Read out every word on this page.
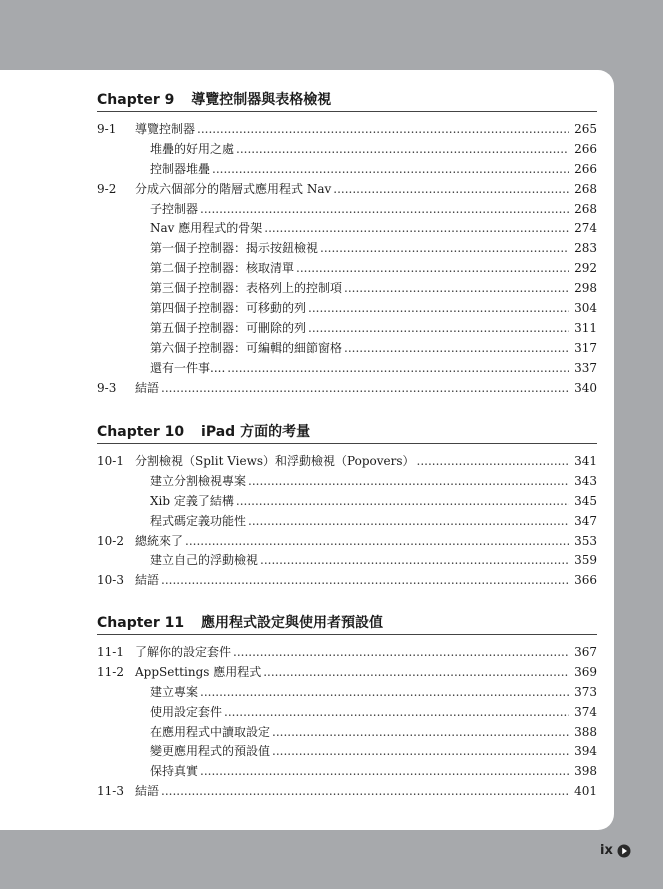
Chapter 9 導覽控制器與表格檢視
9-1	導覽控制器 .....	265
堆疊的好用之處 .....	266
控制器堆疊 .....	266
9-2	分成六個部分的階層式應用程式 Nav .....	268
子控制器 .....	268
Nav 應用程式的骨架 .....	274
第一個子控制器：揭示按鈕檢視 .....	283
第二個子控制器：核取清單 .....	292
第三個子控制器：表格列上的控制項 .....	298
第四個子控制器：可移動的列 .....	304
第五個子控制器：可刪除的列 .....	311
第六個子控制器：可編輯的細節窗格 .....	317
還有一件事.... .....	337
9-3	結語 .....	340
Chapter 10 iPad 方面的考量
10-1 分割檢視（Split Views）和浮動檢視（Popovers） .....	341
建立分割檢視專案 .....	343
Xib 定義了結構 .....	345
程式碼定義功能性 .....	347
10-2 總統來了 .....	353
建立自己的浮動檢視 .....	359
10-3 結語 .....	366
Chapter 11 應用程式設定與使用者預設值
11-1 了解你的設定套件 .....	367
11-2 AppSettings 應用程式 .....	369
建立專案 .....	373
使用設定套件 .....	374
在應用程式中讀取設定 .....	388
變更應用程式的預設值 .....	394
保持真實 .....	398
11-3 結語 .....	401
ix
